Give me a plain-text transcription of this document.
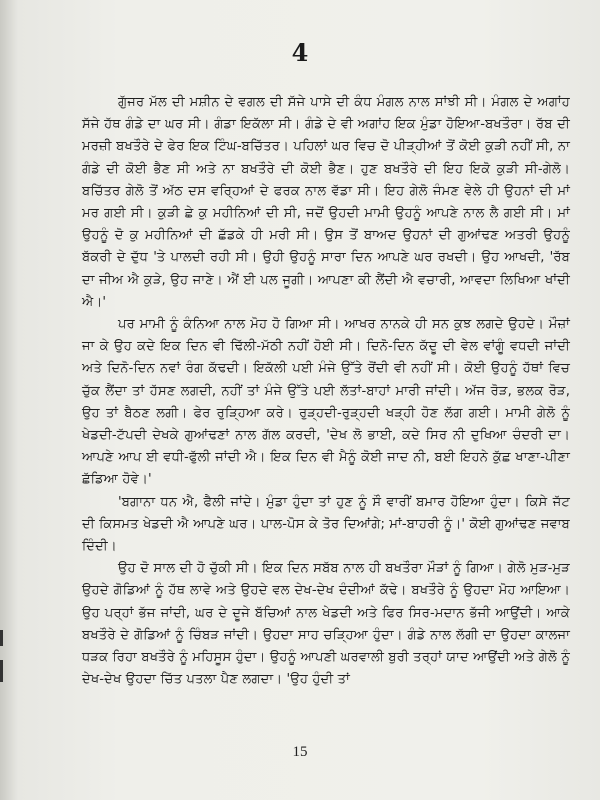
4

ਗੁੱਜਰ ਮੱਲ ਦੀ ਮਸ਼ੀਨ ਦੇ ਵਗਲ ਦੀ ਸੱਜੇ ਪਾਸੇ ਦੀ ਕੰਧ ਮੰਗਲ ਨਾਲ ਸਾਂਝੀ ਸੀ। ਮੰਗਲ ਦੇ ਅਗਾਂਹ ਸੱਜੇ ਹੱਥ ਗੰਡੇ ਦਾ ਘਰ ਸੀ। ਗੰਡਾ ਇਕੱਲਾ ਸੀ। ਗੰਡੇ ਦੇ ਵੀ ਅਗਾਂਹ ਇਕ ਮੁੰਡਾ ਹੋਇਆ-ਬਖਤੌਰਾ। ਰੱਬ ਦੀ ਮਰਜ਼ੀ ਬਖਤੌਰੇ ਦੇ ਫੇਰ ਇਕ ਟਿੰਘ-ਬਚਿੱਤਰ। ਪਹਿਲਾਂ ਘਰ ਵਿਚ ਦੋ ਪੀੜ੍ਹੀਆਂ ਤੋਂ ਕੋਈ ਕੁੜੀ ਨਹੀਂ ਸੀ, ਨਾ ਗੰਡੇ ਦੀ ਕੋਈ ਭੈਣ ਸੀ ਅਤੇ ਨਾ ਬਖਤੌਰੇ ਦੀ ਕੋਈ ਭੈਣ। ਹੁਣ ਬਖਤੌਰੇ ਦੀ ਇਹ ਇਕੋ ਕੁੜੀ ਸੀ-ਗੇਲੋ। ਬਚਿੱਤਰ ਗੇਲੋ ਤੋਂ ਅੱਠ ਦਸ ਵਰ੍ਹਿਆਂ ਦੇ ਫਰਕ ਨਾਲ ਵੱਡਾ ਸੀ। ਇਹ ਗੇਲੋ ਜੰਮਣ ਵੇਲੇ ਹੀ ਉਹਨਾਂ ਦੀ ਮਾਂ ਮਰ ਗਈ ਸੀ। ਕੁੜੀ ਛੇ ਕੁ ਮਹੀਨਿਆਂ ਦੀ ਸੀ, ਜਦੋਂ ਉਹਦੀ ਮਾਮੀ ਉਹਨੂੰ ਆਪਣੇ ਨਾਲ ਲੈ ਗਈ ਸੀ। ਮਾਂ ਉਹਨੂੰ ਦੋ ਕੁ ਮਹੀਨਿਆਂ ਦੀ ਛੱਡਕੇ ਹੀ ਮਰੀ ਸੀ। ਉਸ ਤੋਂ ਬਾਅਦ ਉਹਨਾਂ ਦੀ ਗੁਆਂਢਣ ਅਤਰੀ ਉਹਨੂੰ ਬੱਕਰੀ ਦੇ ਦੁੱਧ 'ਤੇ ਪਾਲਦੀ ਰਹੀ ਸੀ। ਉਹੀ ਉਹਨੂੰ ਸਾਰਾ ਦਿਨ ਆਪਣੇ ਘਰ ਰਖਦੀ। ਉਹ ਆਖਦੀ, 'ਰੱਬ ਦਾ ਜੀਅ ਐ ਕੁੜੇ, ਉਹ ਜਾਣੇ। ਐਂ ਈ ਪਲ ਜੂਗੀ। ਆਪਣਾ ਕੀ ਲੈਂਦੀ ਐ ਵਚਾਰੀ, ਆਵਦਾ ਲਿਖਿਆ ਖਾਂਦੀ ਐ।'

ਪਰ ਮਾਮੀ ਨੂੰ ਕੰਨਿਆ ਨਾਲ ਮੋਹ ਹੋ ਗਿਆ ਸੀ। ਆਖਰ ਨਾਨਕੇ ਹੀ ਸਨ ਕੁਝ ਲਗਦੇ ਉਹਦੇ। ਮੌਜ਼ਾਂ ਜਾ ਕੇ ਉਹ ਕਦੇ ਇਕ ਦਿਨ ਵੀ ਢਿੱਲੀ-ਮੱਠੀ ਨਹੀਂ ਹੋਈ ਸੀ। ਦਿਨੋ-ਦਿਨ ਕੱਦੂ ਦੀ ਵੇਲ ਵਾਂਗੂੰ ਵਧਦੀ ਜਾਂਦੀ ਅਤੇ ਦਿਨੋ-ਦਿਨ ਨਵਾਂ ਰੰਗ ਕੱਢਦੀ। ਇਕੱਲੀ ਪਈ ਮੰਜੇ ਉੱਤੇ ਰੋਂਦੀ ਵੀ ਨਹੀਂ ਸੀ। ਕੋਈ ਉਹਨੂੰ ਹੱਥਾਂ ਵਿਚ ਚੁੱਕ ਲੈਂਦਾ ਤਾਂ ਹੱਸਣ ਲਗਦੀ, ਨਹੀਂ ਤਾਂ ਮੰਜੇ ਉੱਤੇ ਪਈ ਲੱਤਾਂ-ਬਾਹਾਂ ਮਾਰੀ ਜਾਂਦੀ। ਅੱਜ ਰੋੜ, ਭਲਕ ਰੋੜ, ਉਹ ਤਾਂ ਬੈਠਣ ਲਗੀ। ਫੇਰ ਰੁੜ੍ਹਿਆ ਕਰੇ। ਰੁੜ੍ਹਦੀ-ਰੁੜ੍ਹਦੀ ਖੜ੍ਹੀ ਹੋਣ ਲੱਗ ਗਈ। ਮਾਮੀ ਗੇਲੋ ਨੂੰ ਖੇਡਦੀ-ਟੱਪਦੀ ਦੇਖਕੇ ਗੁਆਂਢਣਾਂ ਨਾਲ ਗੱਲ ਕਰਦੀ, 'ਦੇਖ ਲੋ ਭਾਈ, ਕਦੇ ਸਿਰ ਨੀ ਦੁਖਿਆ ਚੰਦਰੀ ਦਾ। ਆਪਣੇ ਆਪ ਈ ਵਧੀ-ਫੁੱਲੀ ਜਾਂਦੀ ਐ। ਇਕ ਦਿਨ ਵੀ ਮੈਨੂੰ ਕੋਈ ਜਾਦ ਨੀ, ਬਈ ਇਹਨੇ ਕੁੱਛ ਖਾਣਾ-ਪੀਣਾ ਛੱਡਿਆ ਹੋਵੇ।'

'ਬਗਾਨਾ ਧਨ ਐ, ਫੈਲੀ ਜਾਂਦੇ। ਮੁੰਡਾ ਹੁੰਦਾ ਤਾਂ ਹੁਣ ਨੂੰ ਸੌ ਵਾਰੀਂ ਬਮਾਰ ਹੋਇਆ ਹੁੰਦਾ। ਕਿਸੇ ਜੱਟ ਦੀ ਕਿਸਮਤ ਖੇਡਦੀ ਐ ਆਪਣੇ ਘਰ। ਪਾਲ-ਪੋਸ ਕੇ ਤੋਰ ਦਿਆਂਗੇ; ਮਾਂ-ਬਾਹਰੀ ਨੂੰ।' ਕੋਈ ਗੁਆਂਢਣ ਜਵਾਬ ਦਿੰਦੀ।

ਉਹ ਦੋ ਸਾਲ ਦੀ ਹੋ ਚੁੱਕੀ ਸੀ। ਇਕ ਦਿਨ ਸਬੱਬ ਨਾਲ ਹੀ ਬਖਤੌਰਾ ਮੌੜਾਂ ਨੂੰ ਗਿਆ। ਗੇਲੋ ਮੁੜ-ਮੁੜ ਉਹਦੇ ਗੋਡਿਆਂ ਨੂੰ ਹੱਥ ਲਾਵੇ ਅਤੇ ਉਹਦੇ ਵਲ ਦੇਖ-ਦੇਖ ਦੰਦੀਆਂ ਕੱਢੇ। ਬਖਤੌਰੇ ਨੂੰ ਉਹਦਾ ਮੋਹ ਆਇਆ। ਉਹ ਪਰ੍ਹਾਂ ਭੱਜ ਜਾਂਦੀ, ਘਰ ਦੇ ਦੂਜੇ ਬੱਚਿਆਂ ਨਾਲ ਖੇਡਦੀ ਅਤੇ ਫਿਰ ਸਿਰ-ਮਦਾਨ ਭੱਜੀ ਆਉਂਦੀ। ਆਕੇ ਬਖਤੌਰੇ ਦੇ ਗੋਡਿਆਂ ਨੂੰ ਚਿੰਬੜ ਜਾਂਦੀ। ਉਹਦਾ ਸਾਹ ਚੜ੍ਹਿਆ ਹੁੰਦਾ। ਗੰਡੇ ਨਾਲ ਲੱਗੀ ਦਾ ਉਹਦਾ ਕਾਲਜਾ ਧੜਕ ਰਿਹਾ ਬਖਤੌਰੇ ਨੂੰ ਮਹਿਸੂਸ ਹੁੰਦਾ। ਉਹਨੂੰ ਆਪਣੀ ਘਰਵਾਲੀ ਬੁਰੀ ਤਰ੍ਹਾਂ ਯਾਦ ਆਉਂਦੀ ਅਤੇ ਗੇਲੋ ਨੂੰ ਦੇਖ-ਦੇਖ ਉਹਦਾ ਚਿੱਤ ਪਤਲਾ ਪੈਣ ਲਗਦਾ। 'ਉਹ ਹੁੰਦੀ ਤਾਂ

15
